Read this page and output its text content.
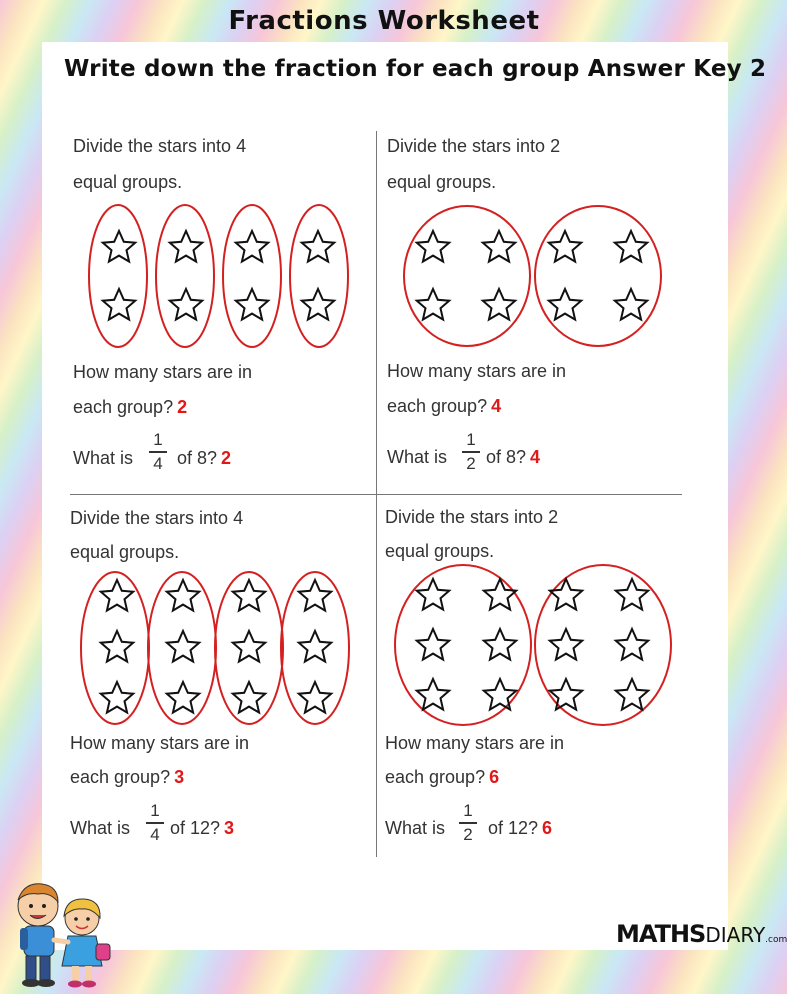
Fractions Worksheet
Write down the fraction for each group Answer Key 2
Divide the stars into 4
equal groups.
How many stars are in
each group? 2
What is
1
4 of 8? 2
Divide the stars into 2
equal groups.
How many stars are in
each group? 4
What is
1
2 of 8? 4
Divide the stars into 4
equal groups.
How many stars are in
each group? 3
What is
1
4 of 12? 3
Divide the stars into 2
equal groups.
How many stars are in
each group? 6
What is
1
2 of 12? 6
MATHSDIARY.com
